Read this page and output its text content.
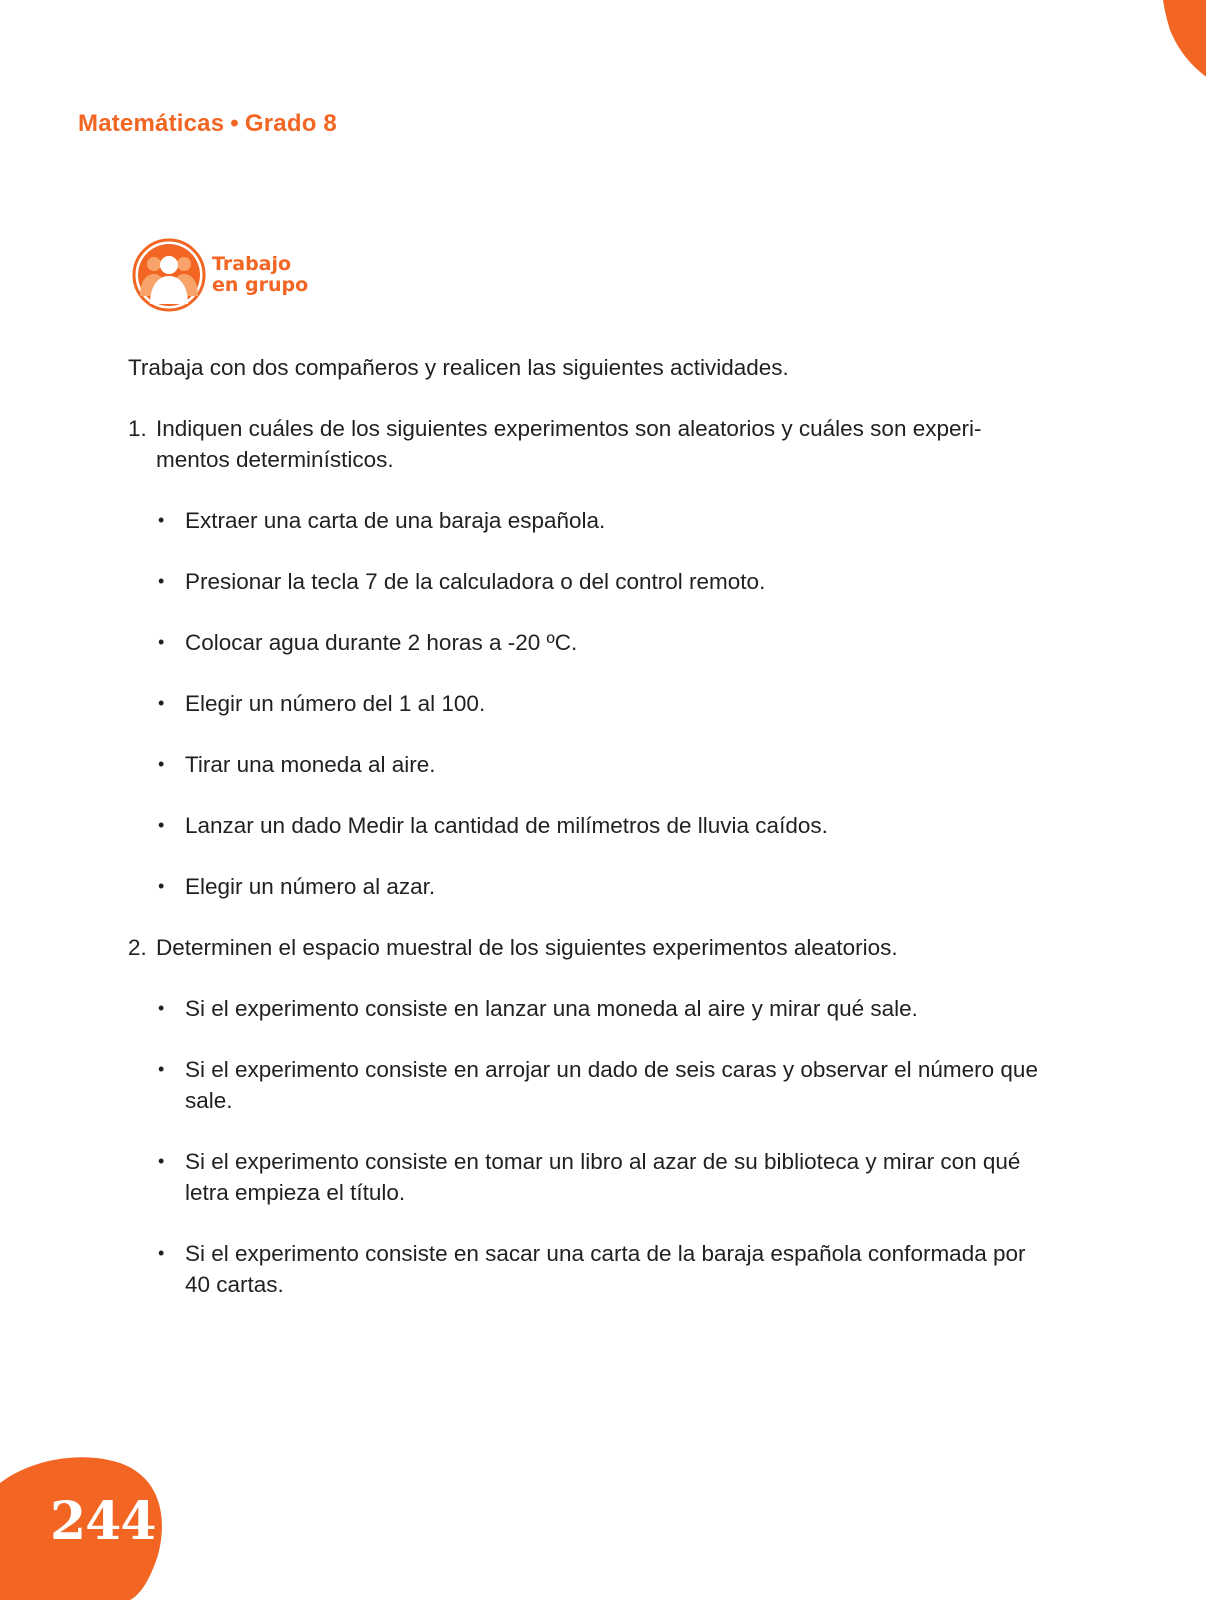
Matemáticas • Grado 8
Trabajo
en grupo

Trabaja con dos compañeros y realicen las siguientes actividades.

1. Indiquen cuáles de los siguientes experimentos son aleatorios y cuáles son experi-mentos determinísticos.
• Extraer una carta de una baraja española.
• Presionar la tecla 7 de la calculadora o del control remoto.
• Colocar agua durante 2 horas a -20 ºC.
• Elegir un número del 1 al 100.
• Tirar una moneda al aire.
• Lanzar un dado Medir la cantidad de milímetros de lluvia caídos.
• Elegir un número al azar.
2. Determinen el espacio muestral de los siguientes experimentos aleatorios.
• Si el experimento consiste en lanzar una moneda al aire y mirar qué sale.
• Si el experimento consiste en arrojar un dado de seis caras y observar el número que sale.
• Si el experimento consiste en tomar un libro al azar de su biblioteca y mirar con qué letra empieza el título.
• Si el experimento consiste en sacar una carta de la baraja española conformada por 40 cartas.
244
